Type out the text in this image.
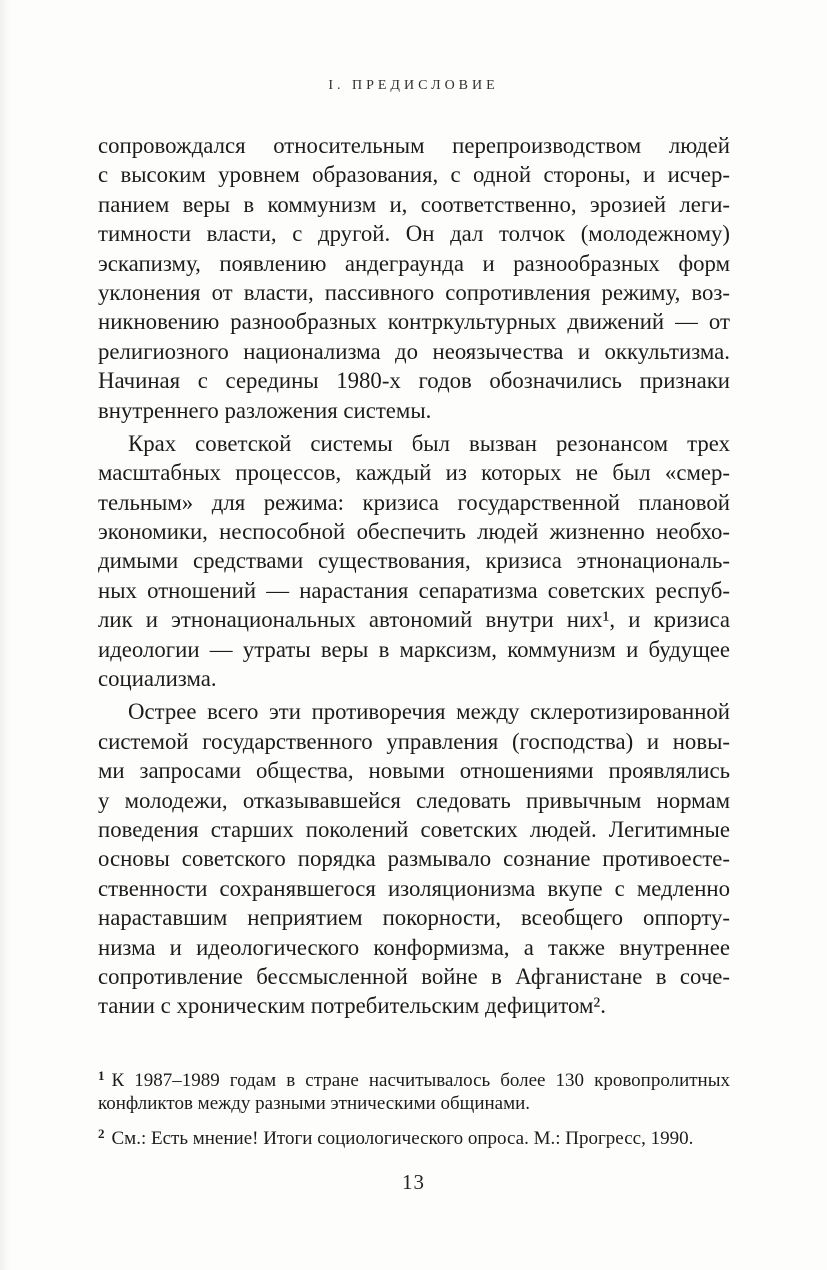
I. ПРЕДИСЛОВИЕ
сопровождался относительным перепроизводством людей
с высоким уровнем образования, с одной стороны, и исчер-
панием веры в коммунизм и, соответственно, эрозией леги-
тимности власти, с другой. Он дал толчок (молодежному)
эскапизму, появлению андеграунда и разнообразных форм
уклонения от власти, пассивного сопротивления режиму, воз-
никновению разнообразных контркультурных движений — от
религиозного национализма до неоязычества и оккультизма.
Начиная с середины 1980-х годов обозначились признаки
внутреннего разложения системы.
Крах советской системы был вызван резонансом трех
масштабных процессов, каждый из которых не был «смер-
тельным» для режима: кризиса государственной плановой
экономики, неспособной обеспечить людей жизненно необхо-
димыми средствами существования, кризиса этнонациональ-
ных отношений — нарастания сепаратизма советских респуб-
лик и этнонациональных автономий внутри них¹, и кризиса
идеологии — утраты веры в марксизм, коммунизм и будущее
социализма.
Острее всего эти противоречия между склеротизированной
системой государственного управления (господства) и новы-
ми запросами общества, новыми отношениями проявлялись
у молодежи, отказывавшейся следовать привычным нормам
поведения старших поколений советских людей. Легитимные
основы советского порядка размывало сознание противоесте-
ственности сохранявшегося изоляционизма вкупе с медленно
нараставшим неприятием покорности, всеобщего оппорту-
низма и идеологического конформизма, а также внутреннее
сопротивление бессмысленной войне в Афганистане в соче-
тании с хроническим потребительским дефицитом².
$^1$ К 1987–1989 годам в стране насчитывалось более 130 кровопролитных
конфликтов между разными этническими общинами.
$^2$ См.: Есть мнение! Итоги социологического опроса. М.: Прогресс, 1990.
13
